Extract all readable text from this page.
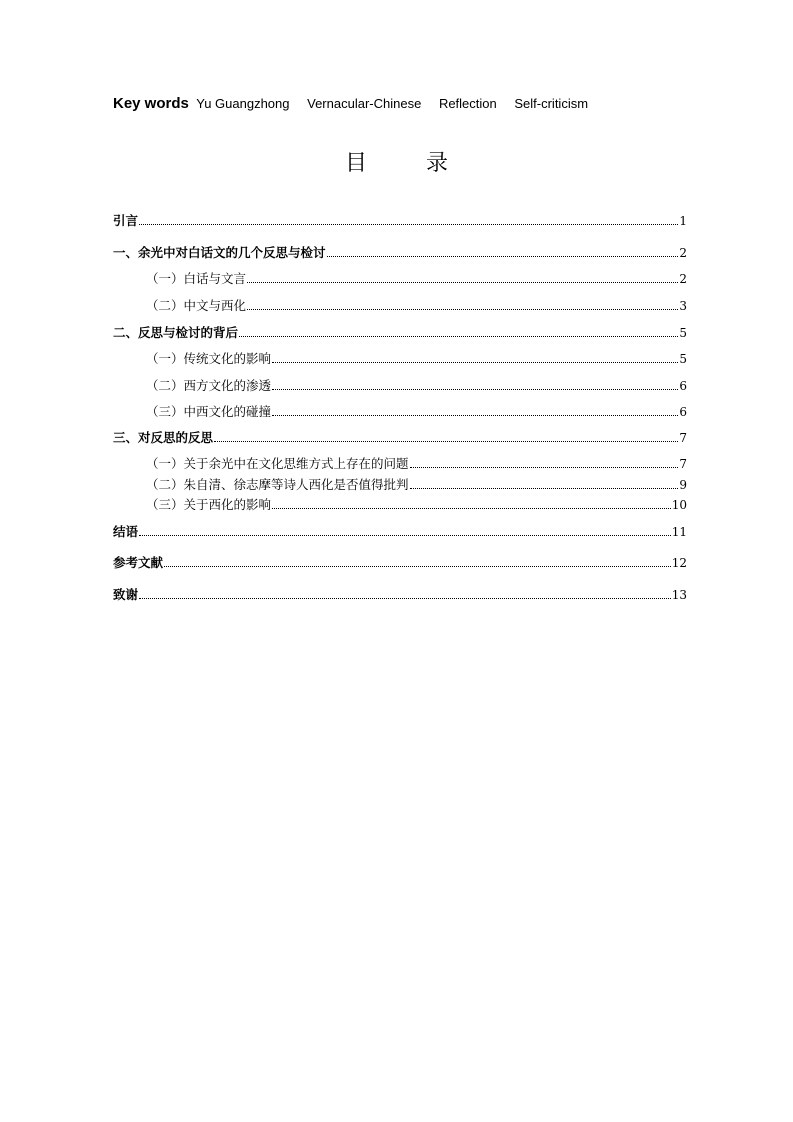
Key words Yu Guangzhong Vernacular-Chinese Reflection Self-criticism
目 录
引言	1
一、余光中对白话文的几个反思与检讨	2
（一）白话与文言	2
（二）中文与西化	3
二、反思与检讨的背后	5
（一）传统文化的影响	5
（二）西方文化的渗透	6
（三）中西文化的碰撞	6
三、对反思的反思	7
（一）关于余光中在文化思维方式上存在的问题	7
（二）朱自清、徐志摩等诗人西化是否值得批判	9
（三）关于西化的影响	10
结语	11
参考文献	12
致谢	13
